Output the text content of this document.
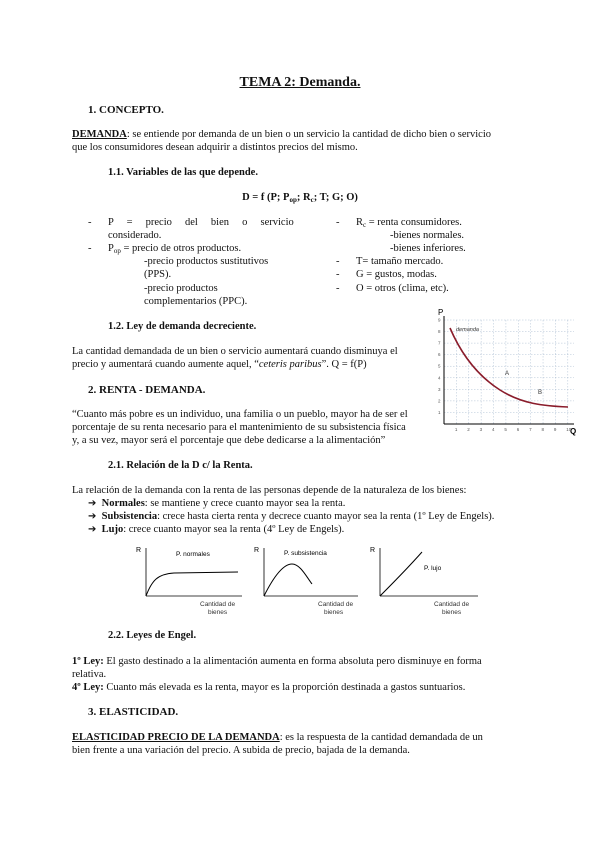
TEMA 2: Demanda.
1. CONCEPTO.
DEMANDA: se entiende por demanda de un bien o un servicio la cantidad de dicho bien o servicio
que los consumidores desean adquirir a distintos precios del mismo.
1.1. Variables de las que depende.
D = f (P; $P_{op}$; $R_c$; T; G; O)
- P     =     precio     del     bien     o     servicio
considerado.
- $P_{op}$ = precio de otros productos.
-precio productos sustitutivos
(PPS).
-precio productos
complementarios (PPC).
- $R_c$ = renta consumidores.
-bienes normales.
-bienes inferiores.
- T= tamaño mercado.
- G = gustos, modas.
- O = otros (clima, etc).
1.2. Ley de demanda decreciente.
La cantidad demandada de un bien o servicio aumentará cuando disminuya el
precio y aumentará cuando aumente aquel, “ceteris paribus”. Q = f(P)
P
Q
demanda
A
B
1 2 3 4 5 6 7 8 9 10
9
8
7
6
5
4
3
2
1
2. RENTA - DEMANDA.
“Cuanto más pobre es un individuo, una familia o un pueblo, mayor ha de ser el
porcentaje de su renta necesario para el mantenimiento de su subsistencia física
y, a su vez, mayor será el porcentaje que debe dedicarse a la alimentación”
2.1. Relación de la D c/ la Renta.
La relación de la demanda con la renta de las personas depende de la naturaleza de los bienes:
➔ Normales: se mantiene y crece cuanto mayor sea la renta.
➔ Subsistencia: crece hasta cierta renta y decrece cuanto mayor sea la renta (1º Ley de Engels).
➔ Lujo: crece cuanto mayor sea la renta (4º Ley de Engels).
R
P. normales
Cantidad de
bienes
R	P. subsistencia
Cantidad de
bienes
R
P. lujo
Cantidad de
bienes
2.2. Leyes de Engel.
1º Ley: El gasto destinado a la alimentación aumenta en forma absoluta pero disminuye en forma
relativa.
4º Ley: Cuanto más elevada es la renta, mayor es la proporción destinada a gastos suntuarios.
3. ELASTICIDAD.
ELASTICIDAD PRECIO DE LA DEMANDA: es la respuesta de la cantidad demandada de un
bien frente a una variación del precio. A subida de precio, bajada de la demanda.
